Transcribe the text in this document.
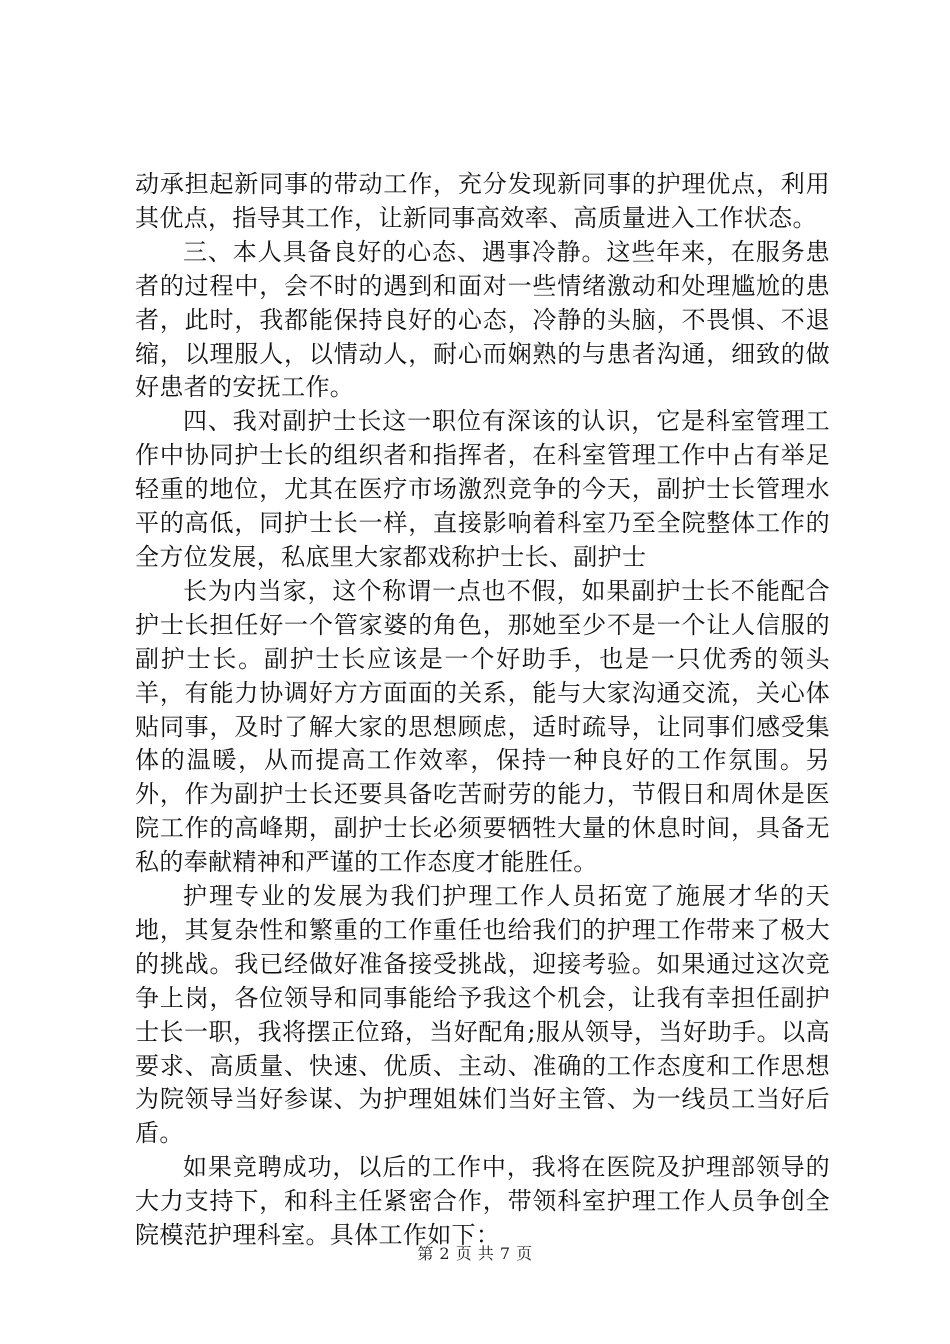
动承担起新同事的带动工作，充分发现新同事的护理优点，利用其优点，指导其工作，让新同事高效率、高质量进入工作状态。

三、本人具备良好的心态、遇事冷静。这些年来，在服务患者的过程中，会不时的遇到和面对一些情绪激动和处理尴尬的患者，此时，我都能保持良好的心态，冷静的头脑，不畏惧、不退缩，以理服人，以情动人，耐心而娴熟的与患者沟通，细致的做好患者的安抚工作。

四、我对副护士长这一职位有深该的认识，它是科室管理工作中协同护士长的组织者和指挥者，在科室管理工作中占有举足轻重的地位，尤其在医疗市场激烈竞争的今天，副护士长管理水平的高低，同护士长一样，直接影响着科室乃至全院整体工作的全方位发展，私底里大家都戏称护士长、副护士

长为内当家，这个称谓一点也不假，如果副护士长不能配合护士长担任好一个管家婆的角色，那她至少不是一个让人信服的副护士长。副护士长应该是一个好助手，也是一只优秀的领头羊，有能力协调好方方面面的关系，能与大家沟通交流，关心体贴同事，及时了解大家的思想顾虑，适时疏导，让同事们感受集体的温暖，从而提高工作效率，保持一种良好的工作氛围。另外，作为副护士长还要具备吃苦耐劳的能力，节假日和周休是医院工作的高峰期，副护士长必须要牺牲大量的休息时间，具备无私的奉献精神和严谨的工作态度才能胜任。

护理专业的发展为我们护理工作人员拓宽了施展才华的天地，其复杂性和繁重的工作重任也给我们的护理工作带来了极大的挑战。我已经做好准备接受挑战，迎接考验。如果通过这次竞争上岗，各位领导和同事能给予我这个机会，让我有幸担任副护士长一职，我将摆正位臵，当好配角;服从领导，当好助手。以高要求、高质量、快速、优质、主动、准确的工作态度和工作思想为院领导当好参谋、为护理姐妹们当好主管、为一线员工当好后盾。

如果竞聘成功，以后的工作中，我将在医院及护理部领导的大力支持下，和科主任紧密合作，带领科室护理工作人员争创全院模范护理科室。具体工作如下：

第 2 页 共 7 页
